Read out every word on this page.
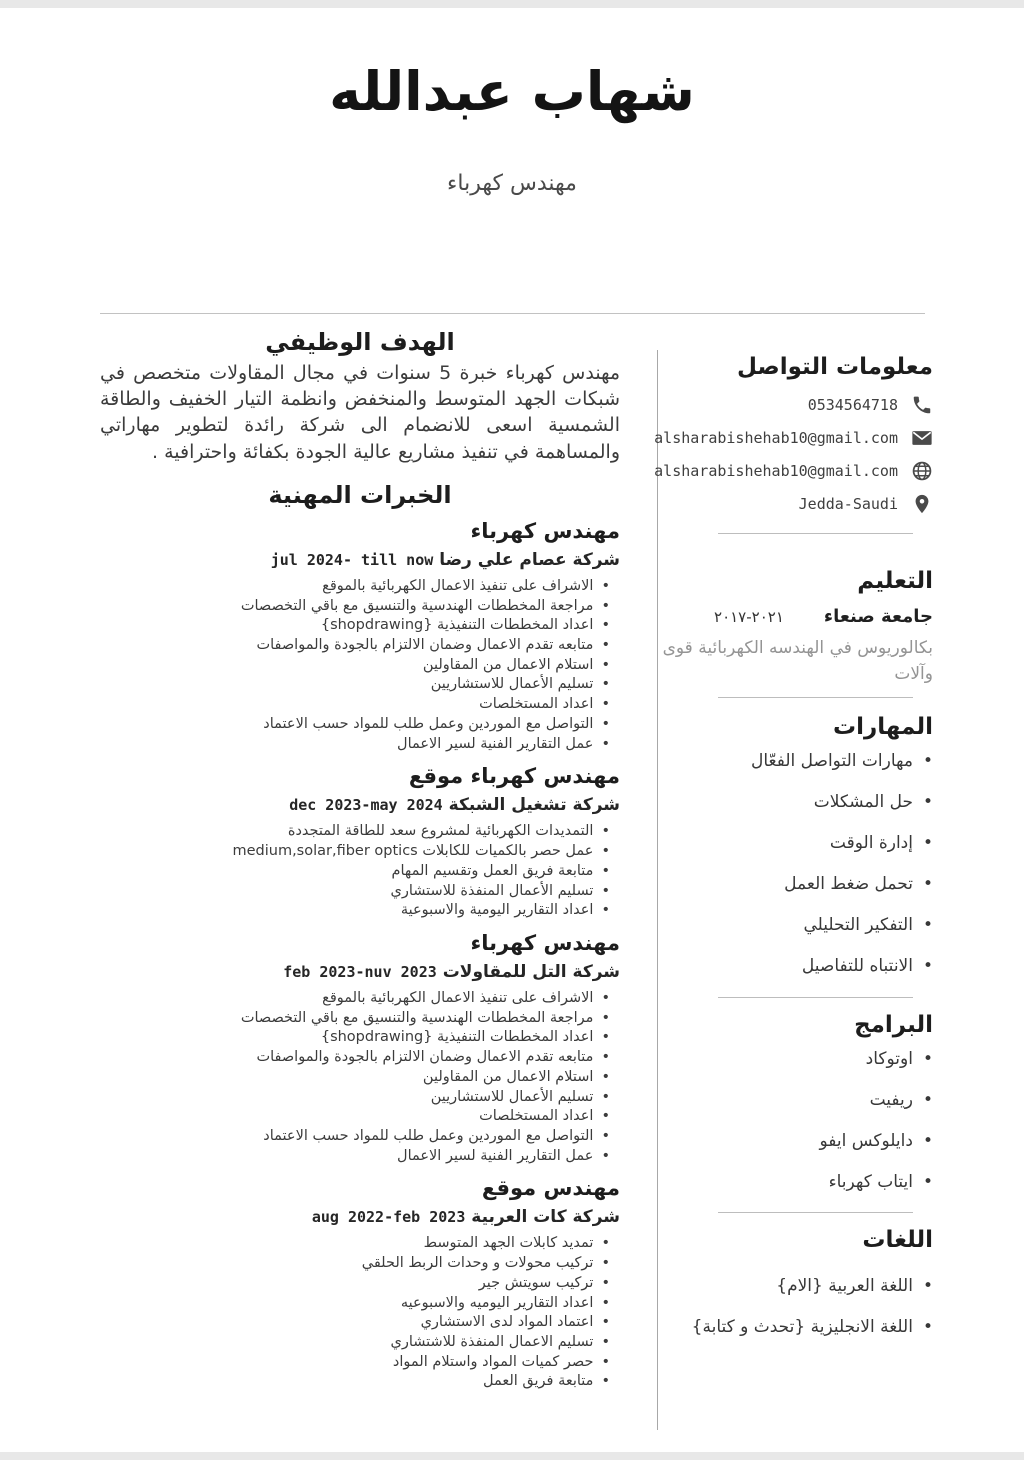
شهاب عبدالله

مهندس كهرباء

الهدف الوظيفي

مهندس كهرباء خبرة 5 سنوات في مجال المقاولات متخصص في شبكات الجهد المتوسط والمنخفض وانظمة التيار الخفيف والطاقة الشمسية اسعى للانضمام الى شركة رائدة لتطوير مهاراتي والمساهمة في تنفيذ مشاريع عالية الجودة بكفائة واحترافية .

الخبرات المهنية
مهندس كهرباء

شركة عصام علي رضا jul 2024- till now

•الاشراف على تنفيذ الاعمال الكهربائية بالموقع
•مراجعة المخططات الهندسية والتنسيق مع باقي التخصصات
•اعداد المخططات التنفيذية {shopdrawing}
•متابعه تقدم الاعمال وضمان الالتزام بالجودة والمواصفات
•استلام الاعمال من المقاولين
•تسليم الأعمال للاستشاريين
•اعداد المستخلصات
•التواصل مع الموردين وعمل طلب للمواد حسب الاعتماد
•عمل التقارير الفنية لسير الاعمال
مهندس كهرباء موقع

شركة تشغيل الشبكة dec 2023-may 2024

•التمديدات الكهربائية لمشروع سعد للطاقة المتجددة
•عمل حصر بالكميات للكابلات medium,solar,fiber optics
•متابعة فريق العمل وتقسيم المهام
•تسليم الأعمال المنفذة للاستشاري
•اعداد التقارير اليومية والاسبوعية
مهندس كهرباء

شركة التل للمقاولات feb 2023-nuv 2023

•الاشراف على تنفيذ الاعمال الكهربائية بالموقع
•مراجعة المخططات الهندسية والتنسيق مع باقي التخصصات
•اعداد المخططات التنفيذية {shopdrawing}
•متابعه تقدم الاعمال وضمان الالتزام بالجودة والمواصفات
•استلام الاعمال من المقاولين
•تسليم الأعمال للاستشاريين
•اعداد المستخلصات
•التواصل مع الموردين وعمل طلب للمواد حسب الاعتماد
•عمل التقارير الفنية لسير الاعمال
مهندس موقع

شركة كات العربية aug 2022-feb 2023

•تمديد كابلات الجهد المتوسط
•تركيب محولات و وحدات الربط الحلقي
•تركيب سويتش جير
•اعداد التقارير اليوميه والاسبوعيه
•اعتماد المواد لدى الاستشاري
•تسليم الاعمال المنفذة للاشتشاري
•حصر كميات المواد واستلام المواد
•متابعة فريق العمل
معلومات التواصل
0534564718
alsharabishehab10@gmail.com
alsharabishehab10@gmail.com
Jedda-Saudi
التعليم
جامعة صنعاء
٢٠٢١-٢٠١٧

بكالوريوس في الهندسه الكهربائية قوى وآلات

المهارات
•مهارات التواصل الفعّال
•حل المشكلات
•إدارة الوقت
•تحمل ضغط العمل
•التفكير التحليلي
•الانتباه للتفاصيل
البرامج
•اوتوكاد
•ريفيت
•دايلوكس ايفو
•ايتاب كهرباء
اللغات
•اللغة العربية {الام}
•اللغة الانجليزية {تحدث و كتابة}
